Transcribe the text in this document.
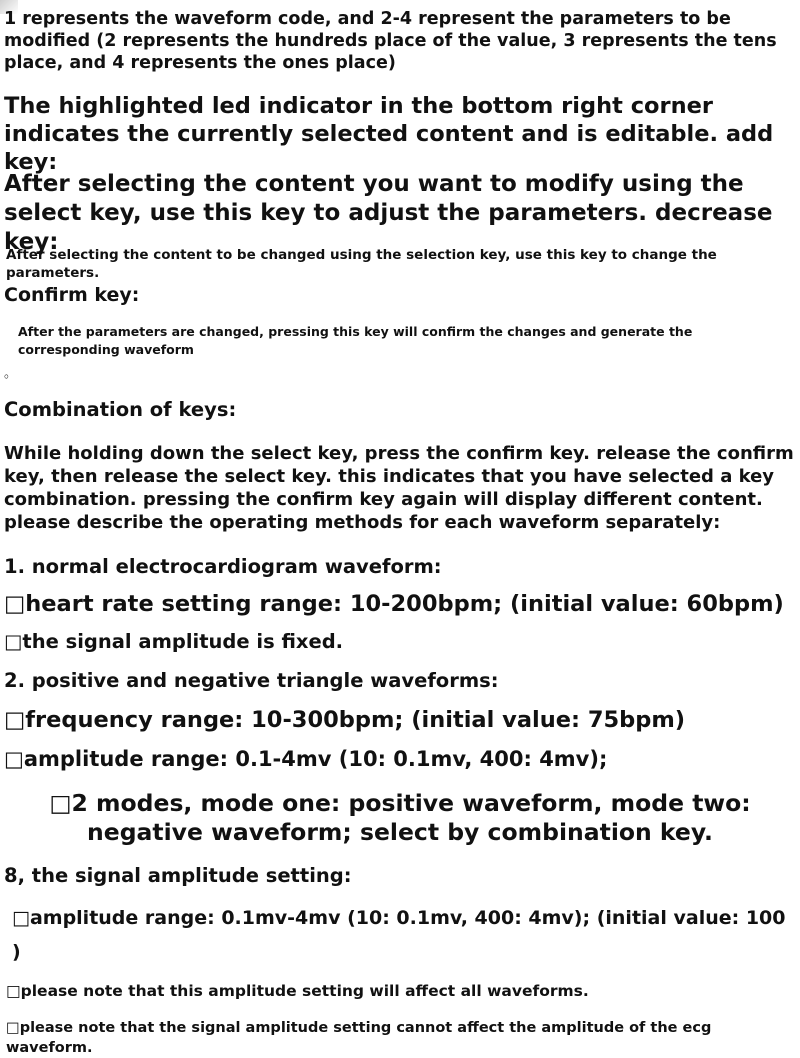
1 represents the waveform code, and 2-4 represent the parameters to be modified (2 represents the hundreds place of the value, 3 represents the tens place, and 4 represents the ones place)

The highlighted led indicator in the bottom right corner indicates the currently selected content and is editable. add key:

After selecting the content you want to modify using the select key, use this key to adjust the parameters. decrease key:

After selecting the content to be changed using the selection key, use this key to change the parameters.

Confirm key:

After the parameters are changed, pressing this key will confirm the changes and generate the corresponding waveform

。

Combination of keys:

While holding down the select key, press the confirm key. release the confirm key, then release the select key. this indicates that you have selected a key combination. pressing the confirm key again will display different content. please describe the operating methods for each waveform separately:

1. normal electrocardiogram waveform:

□heart rate setting range: 10-200bpm; (initial value: 60bpm)

□the signal amplitude is fixed.

2. positive and negative triangle waveforms:

□frequency range: 10-300bpm; (initial value: 75bpm)

□amplitude range: 0.1-4mv (10: 0.1mv, 400: 4mv);

□2 modes, mode one: positive waveform, mode two: negative waveform; select by combination key.

8, the signal amplitude setting:

□amplitude range: 0.1mv-4mv (10: 0.1mv, 400: 4mv); (initial value: 100 )

□please note that this amplitude setting will affect all waveforms.

□please note that the signal amplitude setting cannot affect the amplitude of the ecg waveform.
